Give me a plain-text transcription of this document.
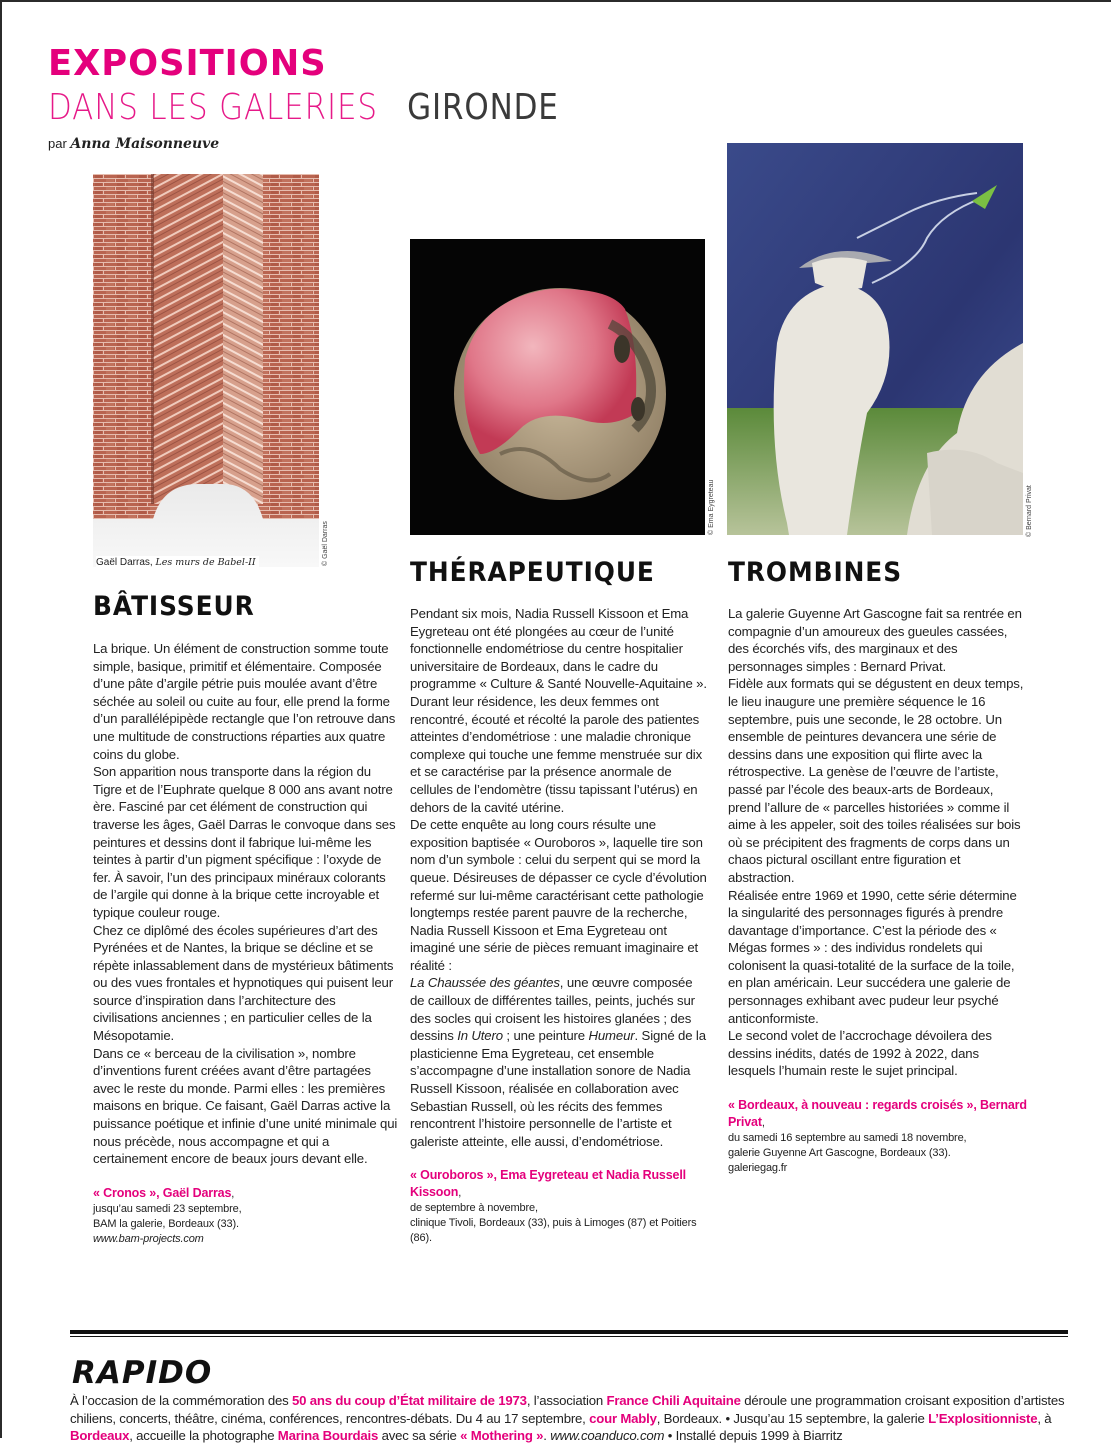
EXPOSITIONS
DANS LES GALERIES GIRONDE
par Anna Maisonneuve
Gaël Darras, Les murs de Babel-II	© Gaël Darras
© Ema Eygreteau	© Bernard Privat
BÂTISSEUR

La brique. Un élément de construction somme toute simple, basique, primitif et élémentaire. Composée d’une pâte d’argile pétrie puis moulée avant d’être séchée au soleil ou cuite au four, elle prend la forme d’un parallélépipède rectangle que l’on retrouve dans une multitude de constructions réparties aux quatre coins du globe.

Son apparition nous transporte dans la région du Tigre et de l’Euphrate quelque 8 000 ans avant notre ère. Fasciné par cet élément de construction qui traverse les âges, Gaël Darras le convoque dans ses peintures et dessins dont il fabrique lui-même les teintes à partir d’un pigment spécifique : l’oxyde de fer. À savoir, l’un des principaux minéraux colorants de l’argile qui donne à la brique cette incroyable et typique couleur rouge.

Chez ce diplômé des écoles supérieures d’art des Pyrénées et de Nantes, la brique se décline et se répète inlassablement dans de mystérieux bâtiments ou des vues frontales et hypnotiques qui puisent leur source d’inspiration dans l’architecture des civilisations anciennes ; en particulier celles de la Mésopotamie.

Dans ce « berceau de la civilisation », nombre d’inventions furent créées avant d’être partagées avec le reste du monde. Parmi elles : les premières maisons en brique. Ce faisant, Gaël Darras active la puissance poétique et infinie d’une unité minimale qui nous précède, nous accompagne et qui a certainement encore de beaux jours devant elle.

« Cronos », Gaël Darras,
jusqu’au samedi 23 septembre,
BAM la galerie, Bordeaux (33).
www.bam-projects.com

THÉRAPEUTIQUE

Pendant six mois, Nadia Russell Kissoon et Ema Eygreteau ont été plongées au cœur de l’unité fonctionnelle endométriose du centre hospitalier universitaire de Bordeaux, dans le cadre du programme « Culture & Santé Nouvelle-Aquitaine ».

Durant leur résidence, les deux femmes ont rencontré, écouté et récolté la parole des patientes atteintes d’endométriose : une maladie chronique complexe qui touche une femme menstruée sur dix et se caractérise par la présence anormale de cellules de l’endomètre (tissu tapissant l’utérus) en dehors de la cavité utérine.

De cette enquête au long cours résulte une exposition baptisée « Ouroboros », laquelle tire son nom d’un symbole : celui du serpent qui se mord la queue. Désireuses de dépasser ce cycle d’évolution refermé sur lui-même caractérisant cette pathologie longtemps restée parent pauvre de la recherche, Nadia Russell Kissoon et Ema Eygreteau ont imaginé une série de pièces remuant imaginaire et réalité :

La Chaussée des géantes, une œuvre composée de cailloux de différentes tailles, peints, juchés sur des socles qui croisent les histoires glanées ; des dessins In Utero ; une peinture Humeur. Signé de la plasticienne Ema Eygreteau, cet ensemble s’accompagne d’une installation sonore de Nadia Russell Kissoon, réalisée en collaboration avec Sebastian Russell, où les récits des femmes rencontrent l’histoire personnelle de l’artiste et galeriste atteinte, elle aussi, d’endométriose.

« Ouroboros », Ema Eygreteau et Nadia Russell Kissoon,
de septembre à novembre,
clinique Tivoli, Bordeaux (33), puis à Limoges (87) et Poitiers (86).

TROMBINES

La galerie Guyenne Art Gascogne fait sa rentrée en compagnie d’un amoureux des gueules cassées, des écorchés vifs, des marginaux et des personnages simples : Bernard Privat.

Fidèle aux formats qui se dégustent en deux temps, le lieu inaugure une première séquence le 16 septembre, puis une seconde, le 28 octobre. Un ensemble de peintures devancera une série de dessins dans une exposition qui flirte avec la rétrospective. La genèse de l’œuvre de l’artiste, passé par l’école des beaux-arts de Bordeaux, prend l’allure de « parcelles historiées » comme il aime à les appeler, soit des toiles réalisées sur bois où se précipitent des fragments de corps dans un chaos pictural oscillant entre figuration et abstraction.

Réalisée entre 1969 et 1990, cette série détermine la singularité des personnages figurés à prendre davantage d’importance. C’est la période des « Mégas formes » : des individus rondelets qui colonisent la quasi-totalité de la surface de la toile, en plan américain. Leur succédera une galerie de personnages exhibant avec pudeur leur psyché anticonformiste.

Le second volet de l’accrochage dévoilera des dessins inédits, datés de 1992 à 2022, dans lesquels l’humain reste le sujet principal.

« Bordeaux, à nouveau : regards croisés », Bernard Privat,
du samedi 16 septembre au samedi 18 novembre,
galerie Guyenne Art Gascogne, Bordeaux (33).
galeriegag.fr

RAPIDO
À l’occasion de la commémoration des 50 ans du coup d’État militaire de 1973, l’association France Chili Aquitaine déroule une programmation croisant exposition d’artistes chiliens, concerts, théâtre, cinéma, conférences, rencontres-débats. Du 4 au 17 septembre, cour Mably, Bordeaux. • Jusqu’au 15 septembre, la galerie L’Explositionniste, à Bordeaux, accueille la photographe Marina Bourdais avec sa série « Mothering ». www.coanduco.com • Installé depuis 1999 à Biarritz
